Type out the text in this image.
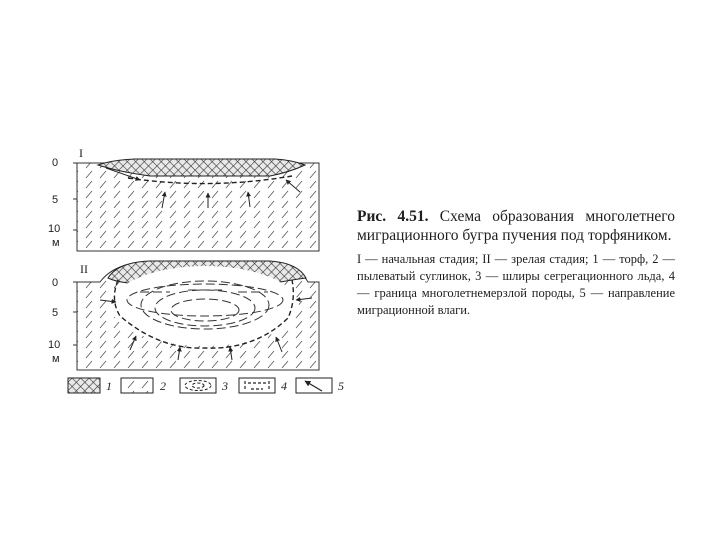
I
0
5
10
м
II
0
5
10
м
1	2	3	4	5

Рис. 4.51. Схема образования многолетнего миграционного бугра пучения под торфяником.

I — начальная стадия; II — зрелая стадия; 1 — торф, 2 — пылеватый суглинок, 3 — шлиры сегрегационного льда, 4 — граница многолетнемерзлой породы, 5 — направление миграционной влаги.
